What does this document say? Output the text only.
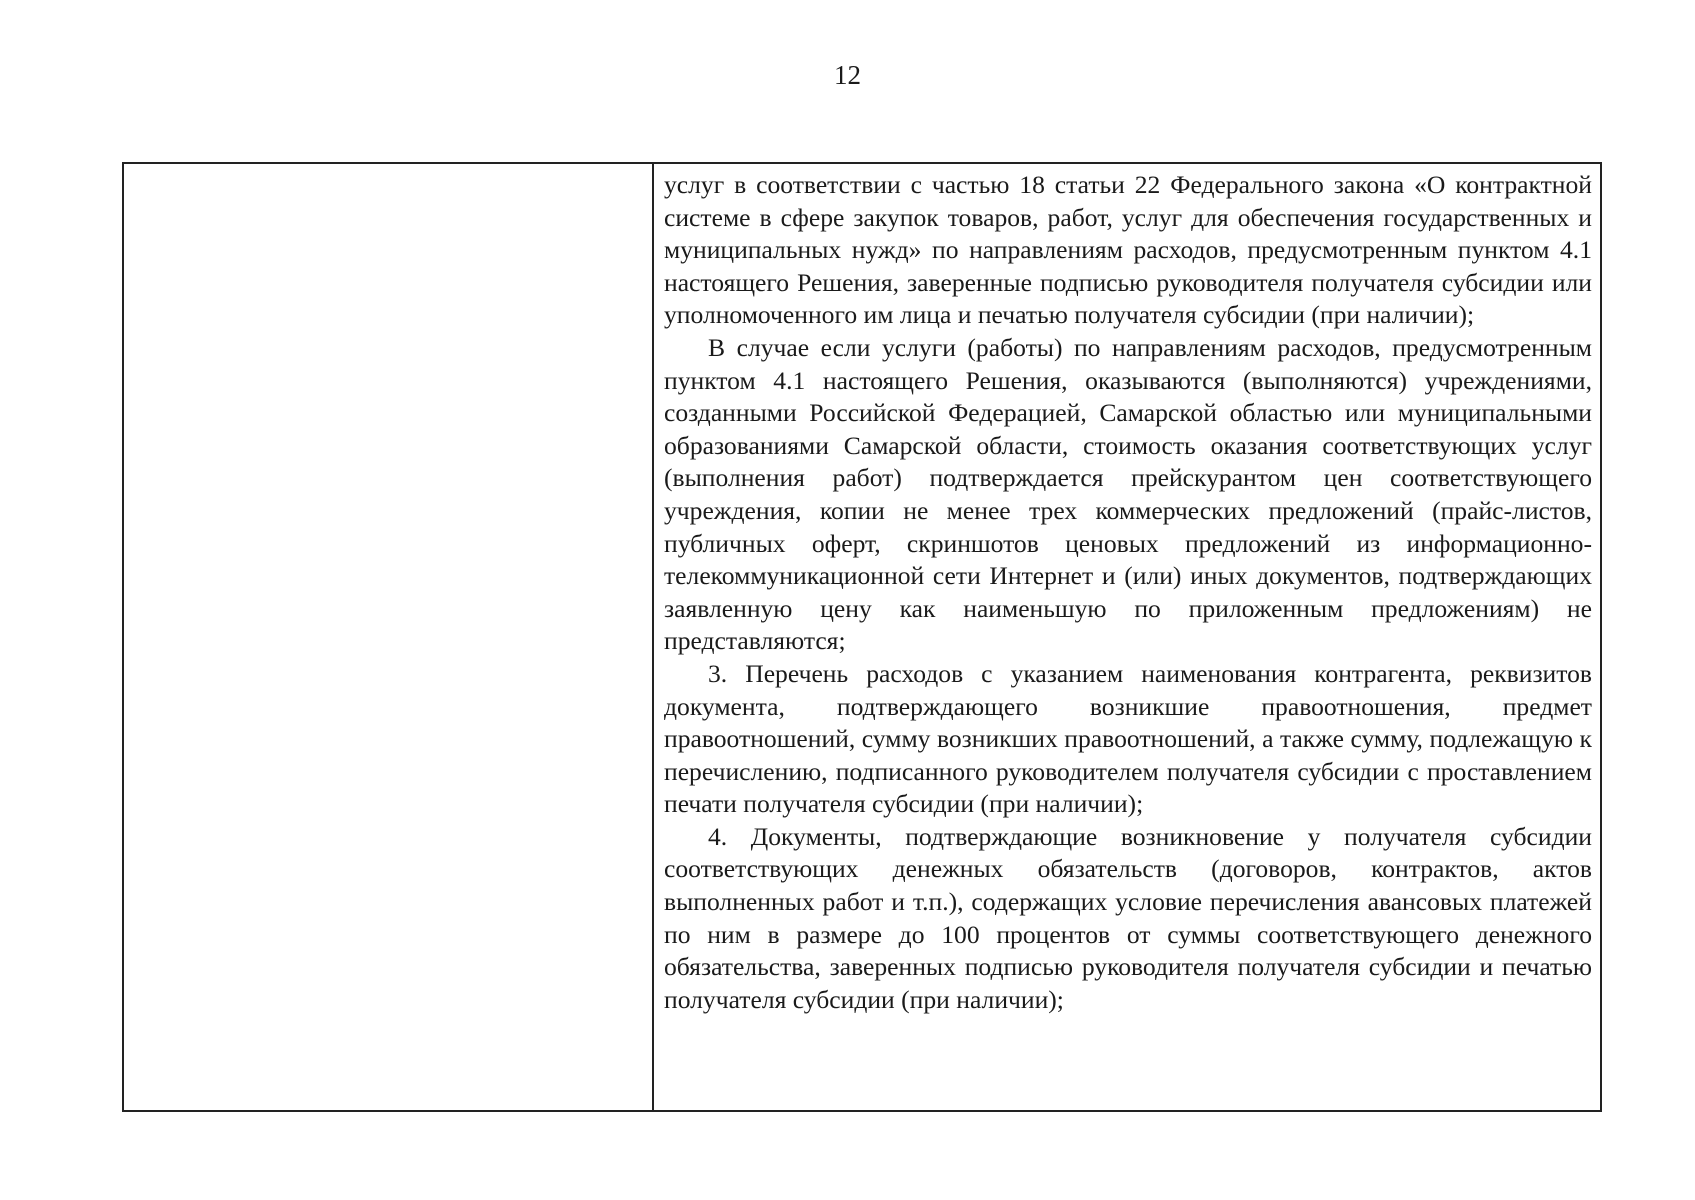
12

услуг в соответствии с частью 18 статьи 22 Федерального закона «О контрактной системе в сфере закупок товаров, работ, услуг для обеспечения государственных и муниципальных нужд» по направлениям расходов, предусмотренным пунктом 4.1 настоящего Решения, заверенные подписью руководителя получателя субсидии или уполномоченного им лица и печатью получателя субсидии (при наличии);

В случае если услуги (работы) по направлениям расходов, предусмотренным пунктом 4.1 настоящего Решения, оказываются (выполняются) учреждениями, созданными Российской Федерацией, Самарской областью или муниципальными образованиями Самарской области, стоимость оказания соответствующих услуг (выполнения работ) подтверждается прейскурантом цен соответствующего учреждения, копии не менее трех коммерческих предложений (прайс-листов, публичных оферт, скриншотов ценовых предложений из информационно-телекоммуникационной сети Интернет и (или) иных документов, подтверждающих заявленную цену как наименьшую по приложенным предложениям) не представляются;

3. Перечень расходов с указанием наименования контрагента, реквизитов документа, подтверждающего возникшие правоотношения, предмет правоотношений, сумму возникших правоотношений, а также сумму, подлежащую к перечислению, подписанного руководителем получателя субсидии с проставлением печати получателя субсидии (при наличии);

4. Документы, подтверждающие возникновение у получателя субсидии соответствующих денежных обязательств (договоров, контрактов, актов выполненных работ и т.п.), содержащих условие перечисления авансовых платежей по ним в размере до 100 процентов от суммы соответствующего денежного обязательства, заверенных подписью руководителя получателя субсидии и печатью получателя субсидии (при наличии);
